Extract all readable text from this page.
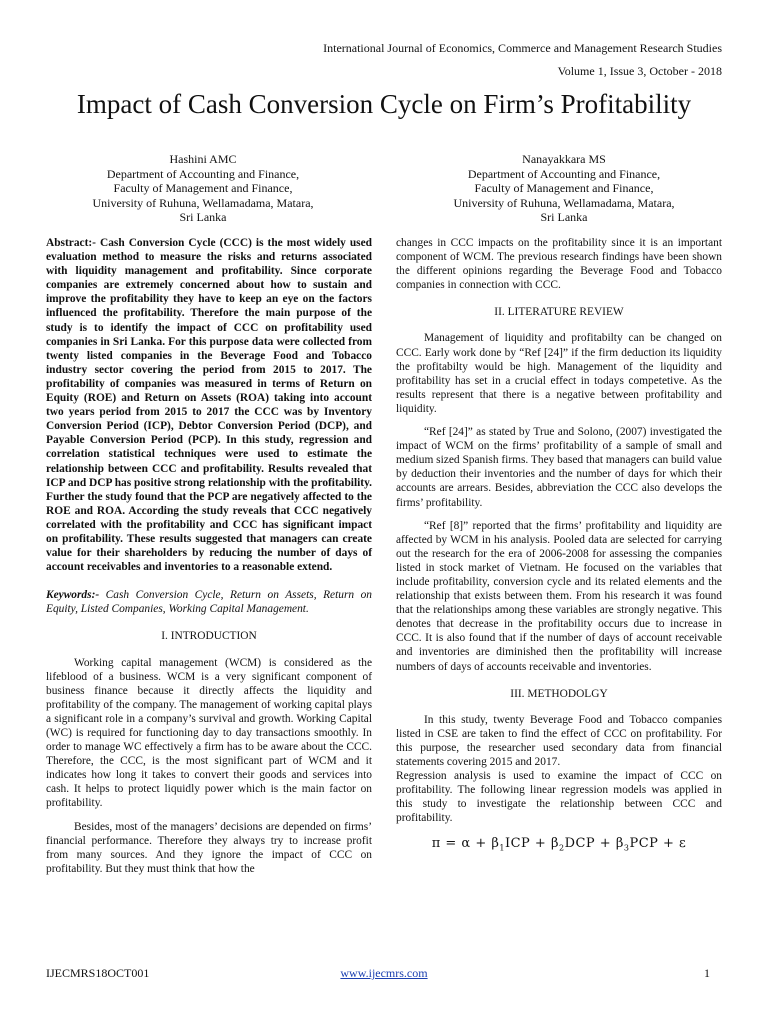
International Journal of Economics, Commerce and Management Research Studies
Volume 1, Issue 3, October - 2018
Impact of Cash Conversion Cycle on Firm’s Profitability
Hashini AMC
Department of Accounting and Finance,
Faculty of Management and Finance,
University of Ruhuna, Wellamadama, Matara,
Sri Lanka
Nanayakkara MS
Department of Accounting and Finance,
Faculty of Management and Finance,
University of Ruhuna, Wellamadama, Matara,
Sri Lanka

Abstract:- Cash Conversion Cycle (CCC) is the most widely used evaluation method to measure the risks and returns associated with liquidity management and profitability. Since corporate companies are extremely concerned about how to sustain and improve the profitability they have to keep an eye on the factors influenced the profitability. Therefore the main purpose of the study is to identify the impact of CCC on profitability used companies in Sri Lanka. For this purpose data were collected from twenty listed companies in the Beverage Food and Tobacco industry sector covering the period from 2015 to 2017. The profitability of companies was measured in terms of Return on Equity (ROE) and Return on Assets (ROA) taking into account two years period from 2015 to 2017 the CCC was by Inventory Conversion Period (ICP), Debtor Conversion Period (DCP), and Payable Conversion Period (PCP). In this study, regression and correlation statistical techniques were used to estimate the relationship between CCC and profitability. Results revealed that ICP and DCP has positive strong relationship with the profitability. Further the study found that the PCP are negatively affected to the ROE and ROA. According the study reveals that CCC negatively correlated with the profitability and CCC has significant impact on profitability. These results suggested that managers can create value for their shareholders by reducing the number of days of account receivables and inventories to a reasonable extend.

Keywords:- Cash Conversion Cycle, Return on Assets, Return on Equity, Listed Companies, Working Capital Management.

I. INTRODUCTION

Working capital management (WCM) is considered as the lifeblood of a business. WCM is a very significant component of business finance because it directly affects the liquidity and profitability of the company. The management of working capital plays a significant role in a company’s survival and growth. Working Capital (WC) is required for functioning day to day transactions smoothly. In order to manage WC effectively a firm has to be aware about the CCC. Therefore, the CCC, is the most significant part of WCM and it indicates how long it takes to convert their goods and services into cash. It helps to protect liquidly power which is the main factor on profitability.

Besides, most of the managers’ decisions are depended on firms’ financial performance. Therefore they always try to increase profit from many sources. And they ignore the impact of CCC on profitability. But they must think that how the

changes in CCC impacts on the profitability since it is an important component of WCM. The previous research findings have been shown the different opinions regarding the Beverage Food and Tobacco companies in connection with CCC.

II. LITERATURE REVIEW

Management of liquidity and profitabilty can be changed on CCC. Early work done by “Ref [24]” if the firm deduction its liquidity the profitabilty would be high. Management of the liquidity and profitability has set in a crucial effect in todays competetive. As the results represent that there is a negative between profitability and liquidity.

“Ref [24]” as stated by True and Solono, (2007) investigated the impact of WCM on the firms’ profitability of a sample of small and medium sized Spanish firms. They based that managers can build value by deduction their inventories and the number of days for which their accounts are arrears. Besides, abbreviation the CCC also develops the firms’ profitability.

“Ref [8]” reported that the firms’ profitability and liquidity are affected by WCM in his analysis. Pooled data are selected for carrying out the research for the era of 2006-2008 for assessing the companies listed in stock market of Vietnam. He focused on the variables that include profitability, conversion cycle and its related elements and the relationship that exists between them. From his research it was found that the relationships among these variables are strongly negative. This denotes that decrease in the profitability occurs due to increase in CCC. It is also found that if the number of days of account receivable and inventories are diminished then the profitability will increase numbers of days of accounts receivable and inventories.

III. METHODOLGY

In this study, twenty Beverage Food and Tobacco companies listed in CSE are taken to find the effect of CCC on profitability. For this purpose, the researcher used secondary data from financial statements covering 2015 and 2017.

Regression analysis is used to examine the impact of CCC on profitability. The following linear regression models was applied in this study to investigate the relationship between CCC and profitability.

$\pi = \alpha + \beta_1ICP + \beta_2DCP + \beta_3PCP + \varepsilon$
IJECMRS18OCT001	www.ijecmrs.com	1
